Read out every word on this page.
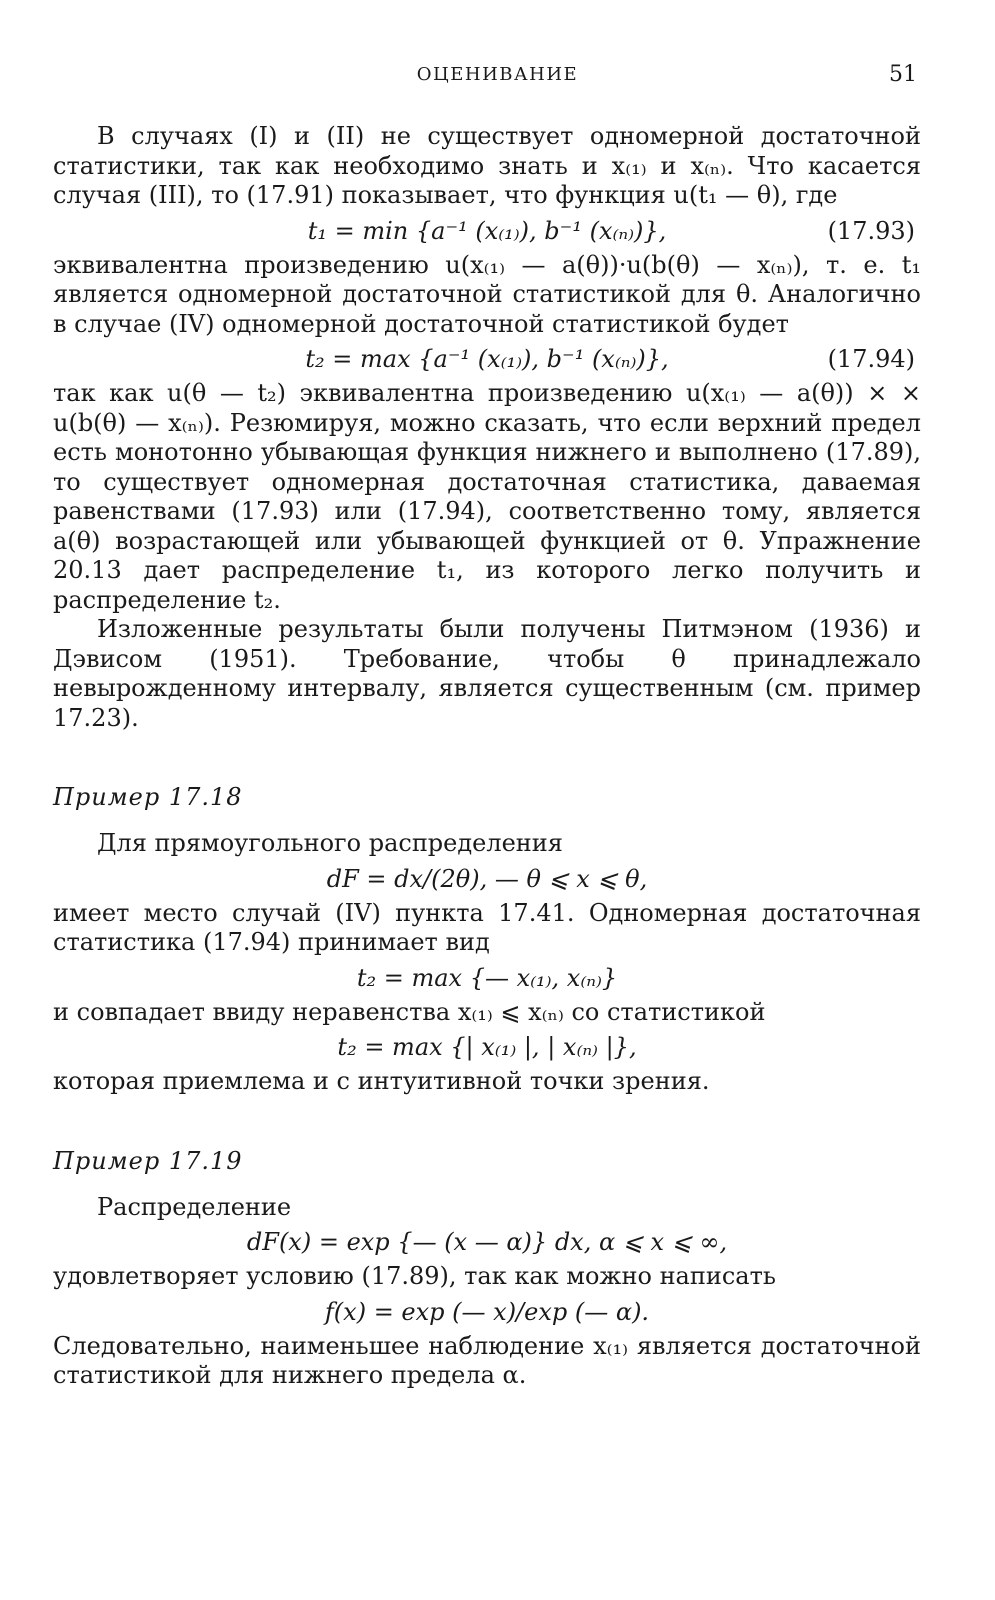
ОЦЕНИВАНИЕ	51

В случаях (I) и (II) не существует одномерной достаточной статистики, так как необходимо знать и x₍₁₎ и x₍ₙ₎. Что касается случая (III), то (17.91) показывает, что функция u(t₁ — θ), где

t₁ = min {a⁻¹ (x₍₁₎), b⁻¹ (x₍ₙ₎)},	(17.93)

эквивалентна произведению u(x₍₁₎ — a(θ))·u(b(θ) — x₍ₙ₎), т. е. t₁ является одномерной достаточной статистикой для θ. Аналогично в случае (IV) одномерной достаточной статистикой будет

t₂ = max {a⁻¹ (x₍₁₎), b⁻¹ (x₍ₙ₎)},	(17.94)

так как u(θ — t₂) эквивалентна произведению u(x₍₁₎ — a(θ)) × × u(b(θ) — x₍ₙ₎). Резюмируя, можно сказать, что если верхний предел есть монотонно убывающая функция нижнего и выполнено (17.89), то существует одномерная достаточная статистика, даваемая равенствами (17.93) или (17.94), соответственно тому, является a(θ) возрастающей или убывающей функцией от θ. Упражнение 20.13 дает распределение t₁, из которого легко получить и распределение t₂.

Изложенные результаты были получены Питмэном (1936) и Дэвисом (1951). Требование, чтобы θ принадлежало невырожденному интервалу, является существенным (см. пример 17.23).

Пример 17.18

Для прямоугольного распределения

dF = dx/(2θ), — θ ⩽ x ⩽ θ,

имеет место случай (IV) пункта 17.41. Одномерная достаточная статистика (17.94) принимает вид

t₂ = max {— x₍₁₎, x₍ₙ₎}

и совпадает ввиду неравенства x₍₁₎ ⩽ x₍ₙ₎ со статистикой

t₂ = max {| x₍₁₎ |, | x₍ₙ₎ |},

которая приемлема и с интуитивной точки зрения.

Пример 17.19

Распределение

dF(x) = exp {— (x — α)} dx, α ⩽ x ⩽ ∞,

удовлетворяет условию (17.89), так как можно написать

f(x) = exp (— x)/exp (— α).

Следовательно, наименьшее наблюдение x₍₁₎ является достаточной статистикой для нижнего предела α.
